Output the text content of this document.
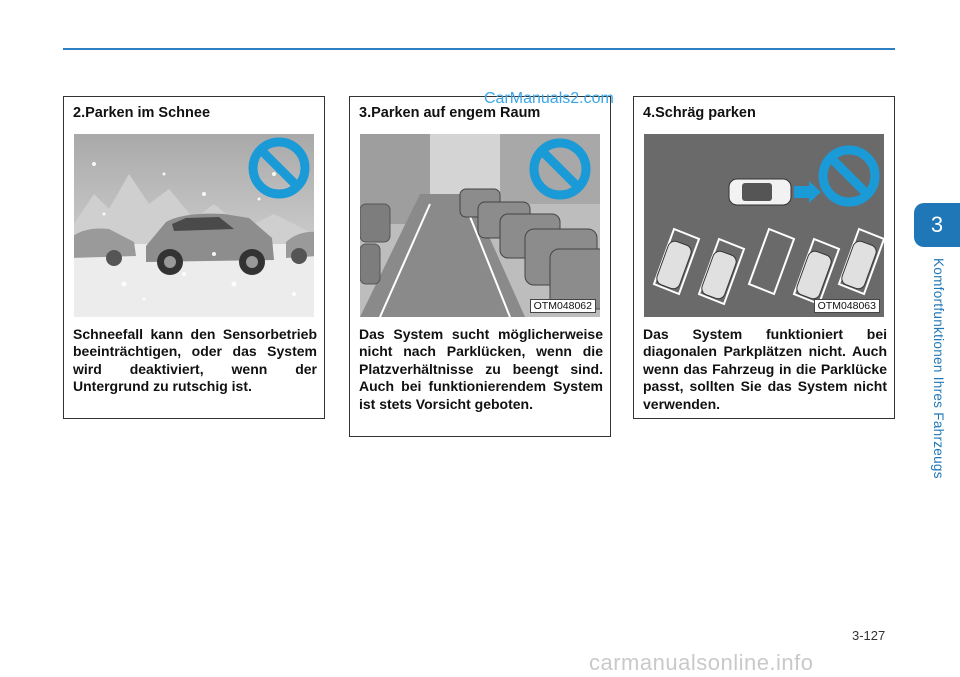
CarManuals2.com
2.Parken im Schnee
Schneefall kann den Sensorbetrieb beeinträchtigen, oder das System wird deaktiviert, wenn der Untergrund zu rutschig ist.
3.Parken auf engem Raum
OTM048062
Das System sucht möglicherweise nicht nach Parklücken, wenn die Platzverhältnisse zu beengt sind. Auch bei funktionierendem System ist stets Vorsicht geboten.
4.Schräg parken
OTM048063
Das System funktioniert bei diagonalen Parkplätzen nicht. Auch wenn das Fahrzeug in die Parklücke passt, sollten Sie das System nicht verwenden.
3
Komfortfunktionen Ihres Fahrzeugs
3-127
carmanualsonline.info
